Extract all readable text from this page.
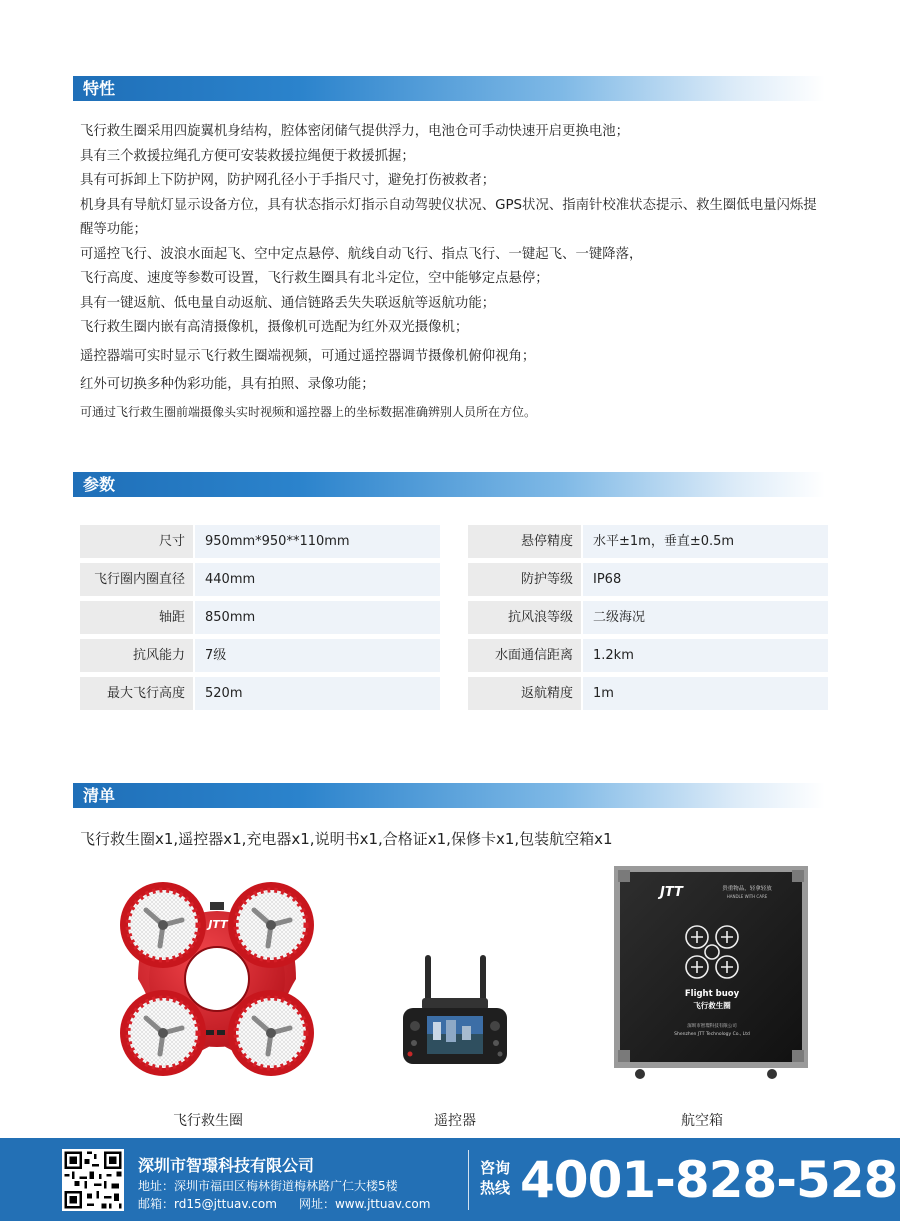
特性
飞行救生圈采用四旋翼机身结构，腔体密闭储气提供浮力，电池仓可手动快速开启更换电池；
具有三个救援拉绳孔方便可安装救援拉绳便于救援抓握；
具有可拆卸上下防护网，防护网孔径小于手指尺寸，避免打伤被救者；
机身具有导航灯显示设备方位，具有状态指示灯指示自动驾驶仪状况、GPS状况、指南针校准状态提示、救生圈低电量闪烁提醒等功能；
可遥控飞行、波浪水面起飞、空中定点悬停、航线自动飞行、指点飞行、一键起飞、一键降落，
飞行高度、速度等参数可设置，飞行救生圈具有北斗定位，空中能够定点悬停；
具有一键返航、低电量自动返航、通信链路丢失失联返航等返航功能；
飞行救生圈内嵌有高清摄像机，摄像机可选配为红外双光摄像机；
遥控器端可实时显示飞行救生圈端视频，可通过遥控器调节摄像机俯仰视角；
红外可切换多种伪彩功能，具有拍照、录像功能；
可通过飞行救生圈前端摄像头实时视频和遥控器上的坐标数据准确辨别人员所在方位。
参数
尺寸	950mm*950**110mm
飞行圈内圈直径	440mm
轴距	850mm
抗风能力	7级
最大飞行高度	520m
悬停精度	水平±1m，垂直±0.5m
防护等级	IP68
抗风浪等级	二级海况
水面通信距离	1.2km
返航精度	1m
清单
飞行救生圈x1,遥控器x1,充电器x1,说明书x1,合格证x1,保修卡x1,包装航空箱x1
JTT
飞行救生圈	遥控器
JTT	贵重物品，轻拿轻放
HANDLE WITH CARE
Flight buoy
飞行救生圈
深圳市智璟科技有限公司
Shenzhen JTT Technology Co., Ltd
航空箱
深圳市智璟科技有限公司
地址：深圳市福田区梅林街道梅林路广仁大楼5楼
邮箱：rd15@jttuav.com 网址：www.jttuav.com
咨询
热线 4001-828-528
